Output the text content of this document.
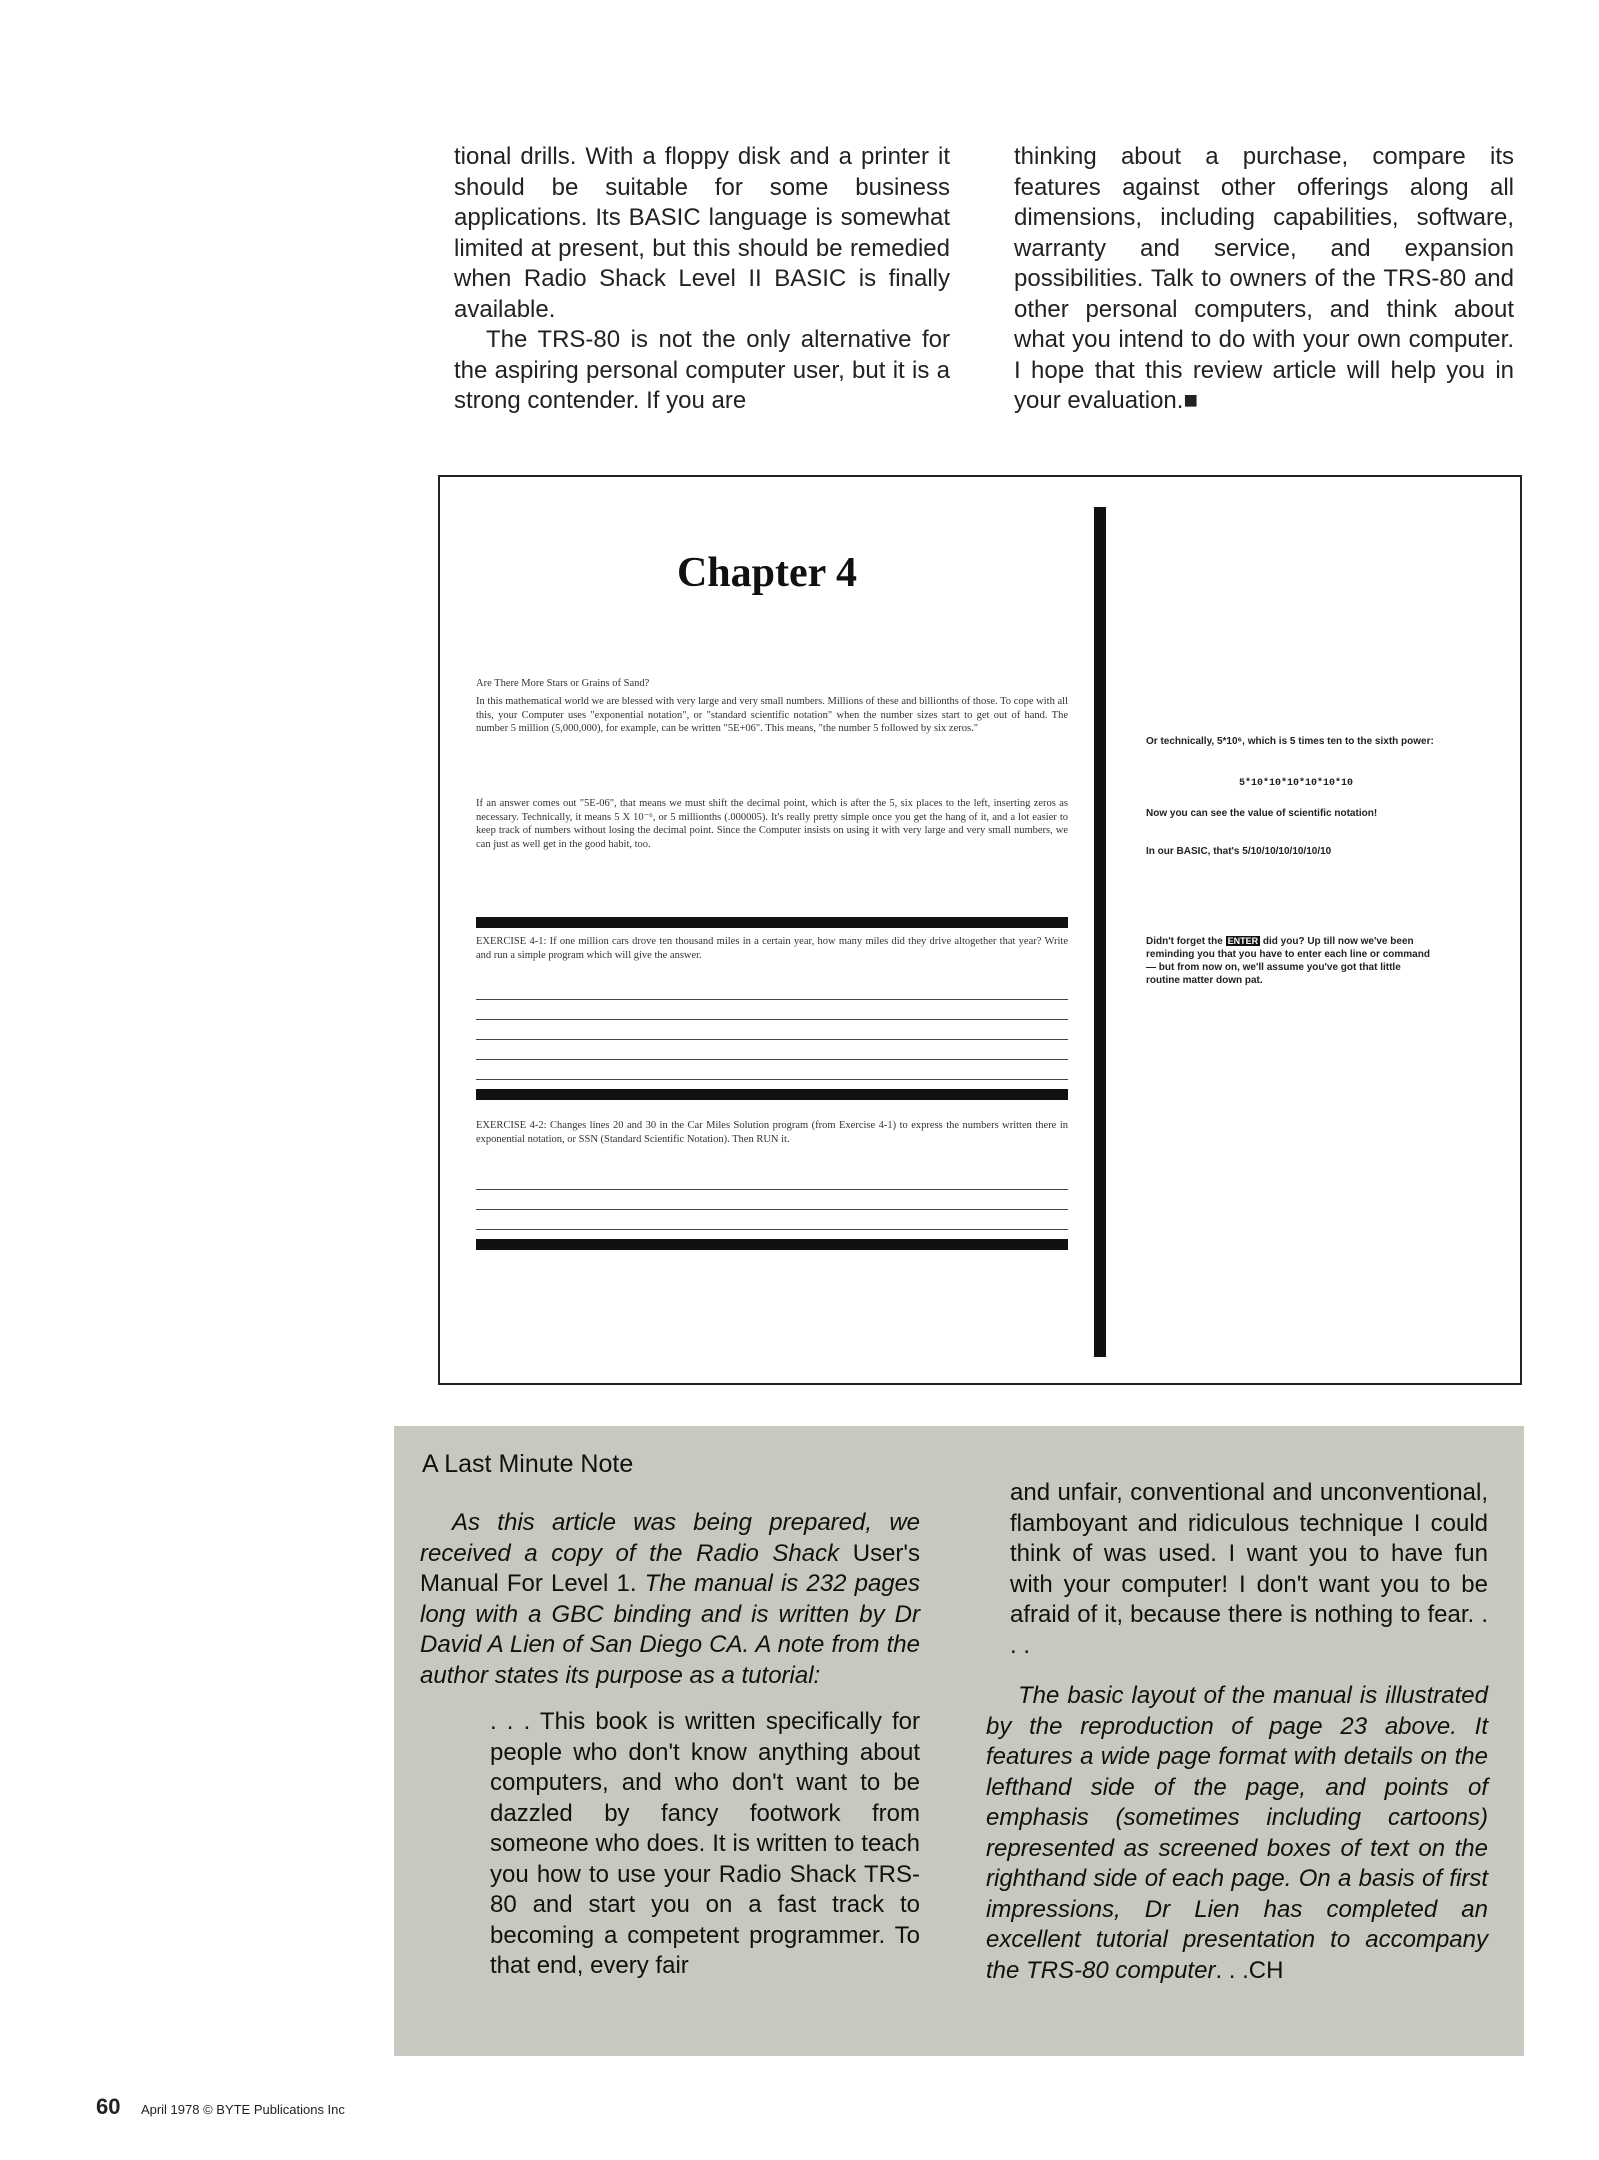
tional drills. With a floppy disk and a printer it should be suitable for some business applications. Its BASIC language is somewhat limited at present, but this should be remedied when Radio Shack Level II BASIC is finally available.

The TRS-80 is not the only alternative for the aspiring personal computer user, but it is a strong contender. If you are

thinking about a purchase, compare its features against other offerings along all dimensions, including capabilities, software, warranty and service, and expansion possibilities. Talk to owners of the TRS-80 and other personal computers, and think about what you intend to do with your own computer. I hope that this review article will help you in your evaluation.■

Chapter 4

Are There More Stars or Grains of Sand?

In this mathematical world we are blessed with very large and very small numbers. Millions of these and billionths of those. To cope with all this, your Computer uses "exponential notation", or "standard scientific notation" when the number sizes start to get out of hand. The number 5 million (5,000,000), for example, can be written "5E+06". This means, "the number 5 followed by six zeros."

If an answer comes out "5E-06", that means we must shift the decimal point, which is after the 5, six places to the left, inserting zeros as necessary. Technically, it means 5 X 10⁻⁶, or 5 millionths (.000005). It's really pretty simple once you get the hang of it, and a lot easier to keep track of numbers without losing the decimal point. Since the Computer insists on using it with very large and very small numbers, we can just as well get in the good habit, too.

EXERCISE 4-1: If one million cars drove ten thousand miles in a certain year, how many miles did they drive altogether that year? Write and run a simple program which will give the answer.

EXERCISE 4-2: Changes lines 20 and 30 in the Car Miles Solution program (from Exercise 4-1) to express the numbers written there in exponential notation, or SSN (Standard Scientific Notation). Then RUN it.

Or technically, 5*10⁶, which is 5 times ten to the sixth power:

5*10*10*10*10*10*10

Now you can see the value of scientific notation!

In our BASIC, that's 5/10/10/10/10/10/10

Didn't forget the ENTER did you? Up till now we've been reminding you that you have to enter each line or command — but from now on, we'll assume you've got that little routine matter down pat.

A Last Minute Note

As this article was being prepared, we received a copy of the Radio Shack User's Manual For Level 1. The manual is 232 pages long with a GBC binding and is written by Dr David A Lien of San Diego CA. A note from the author states its purpose as a tutorial:

. . . This book is written specifically for people who don't know anything about computers, and who don't want to be dazzled by fancy footwork from someone who does. It is written to teach you how to use your Radio Shack TRS-80 and start you on a fast track to becoming a competent programmer. To that end, every fair

and unfair, conventional and unconventional, flamboyant and ridiculous technique I could think of was used. I want you to have fun with your computer! I don't want you to be afraid of it, because there is nothing to fear. . . .

The basic layout of the manual is illustrated by the reproduction of page 23 above. It features a wide page format with details on the lefthand side of the page, and points of emphasis (sometimes including cartoons) represented as screened boxes of text on the righthand side of each page. On a basis of first impressions, Dr Lien has completed an excellent tutorial presentation to accompany the TRS-80 computer. . .CH

60 April 1978 © BYTE Publications Inc
